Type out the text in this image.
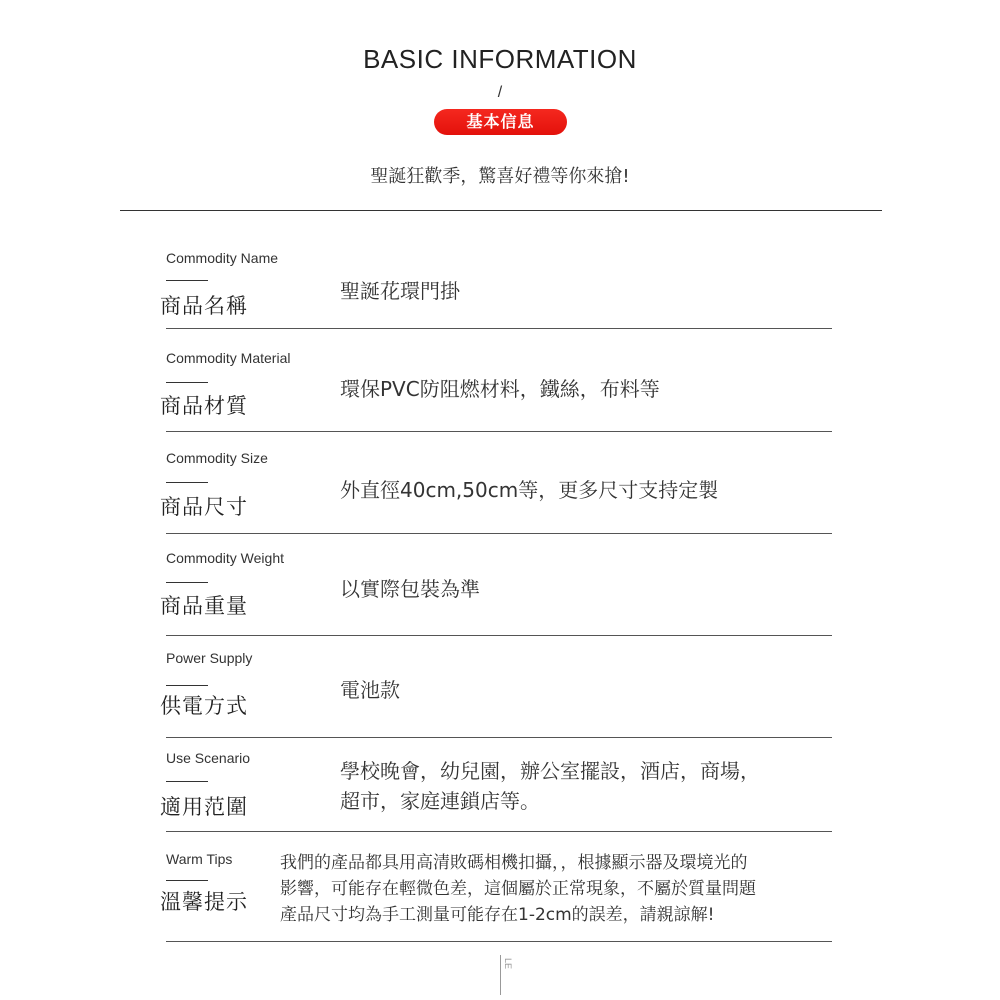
BASIC INFORMATION
/
基本信息
聖誕狂歡季，驚喜好禮等你來搶!
Commodity Name
商品名稱
聖誕花環門掛
Commodity Material
商品材質
環保PVC防阻燃材料，鐵絲，布料等
Commodity Size
商品尺寸
外直徑40cm,50cm等，更多尺寸支持定製
Commodity Weight
商品重量
以實際包裝為準
Power Supply
供電方式
電池款
Use Scenario
適用范圍
學校晚會，幼兒園，辦公室擺設，酒店，商場，
超市，家庭連鎖店等。
Warm Tips
溫馨提示
我們的產品都具用高清敗碼相機扣攝，，根據顯示器及環境光的
影響，可能存在輕微色差，這個屬於正常現象，不屬於質量問題
產品尺寸均為手工測量可能存在1-2cm的誤差，請親諒解!
LE
